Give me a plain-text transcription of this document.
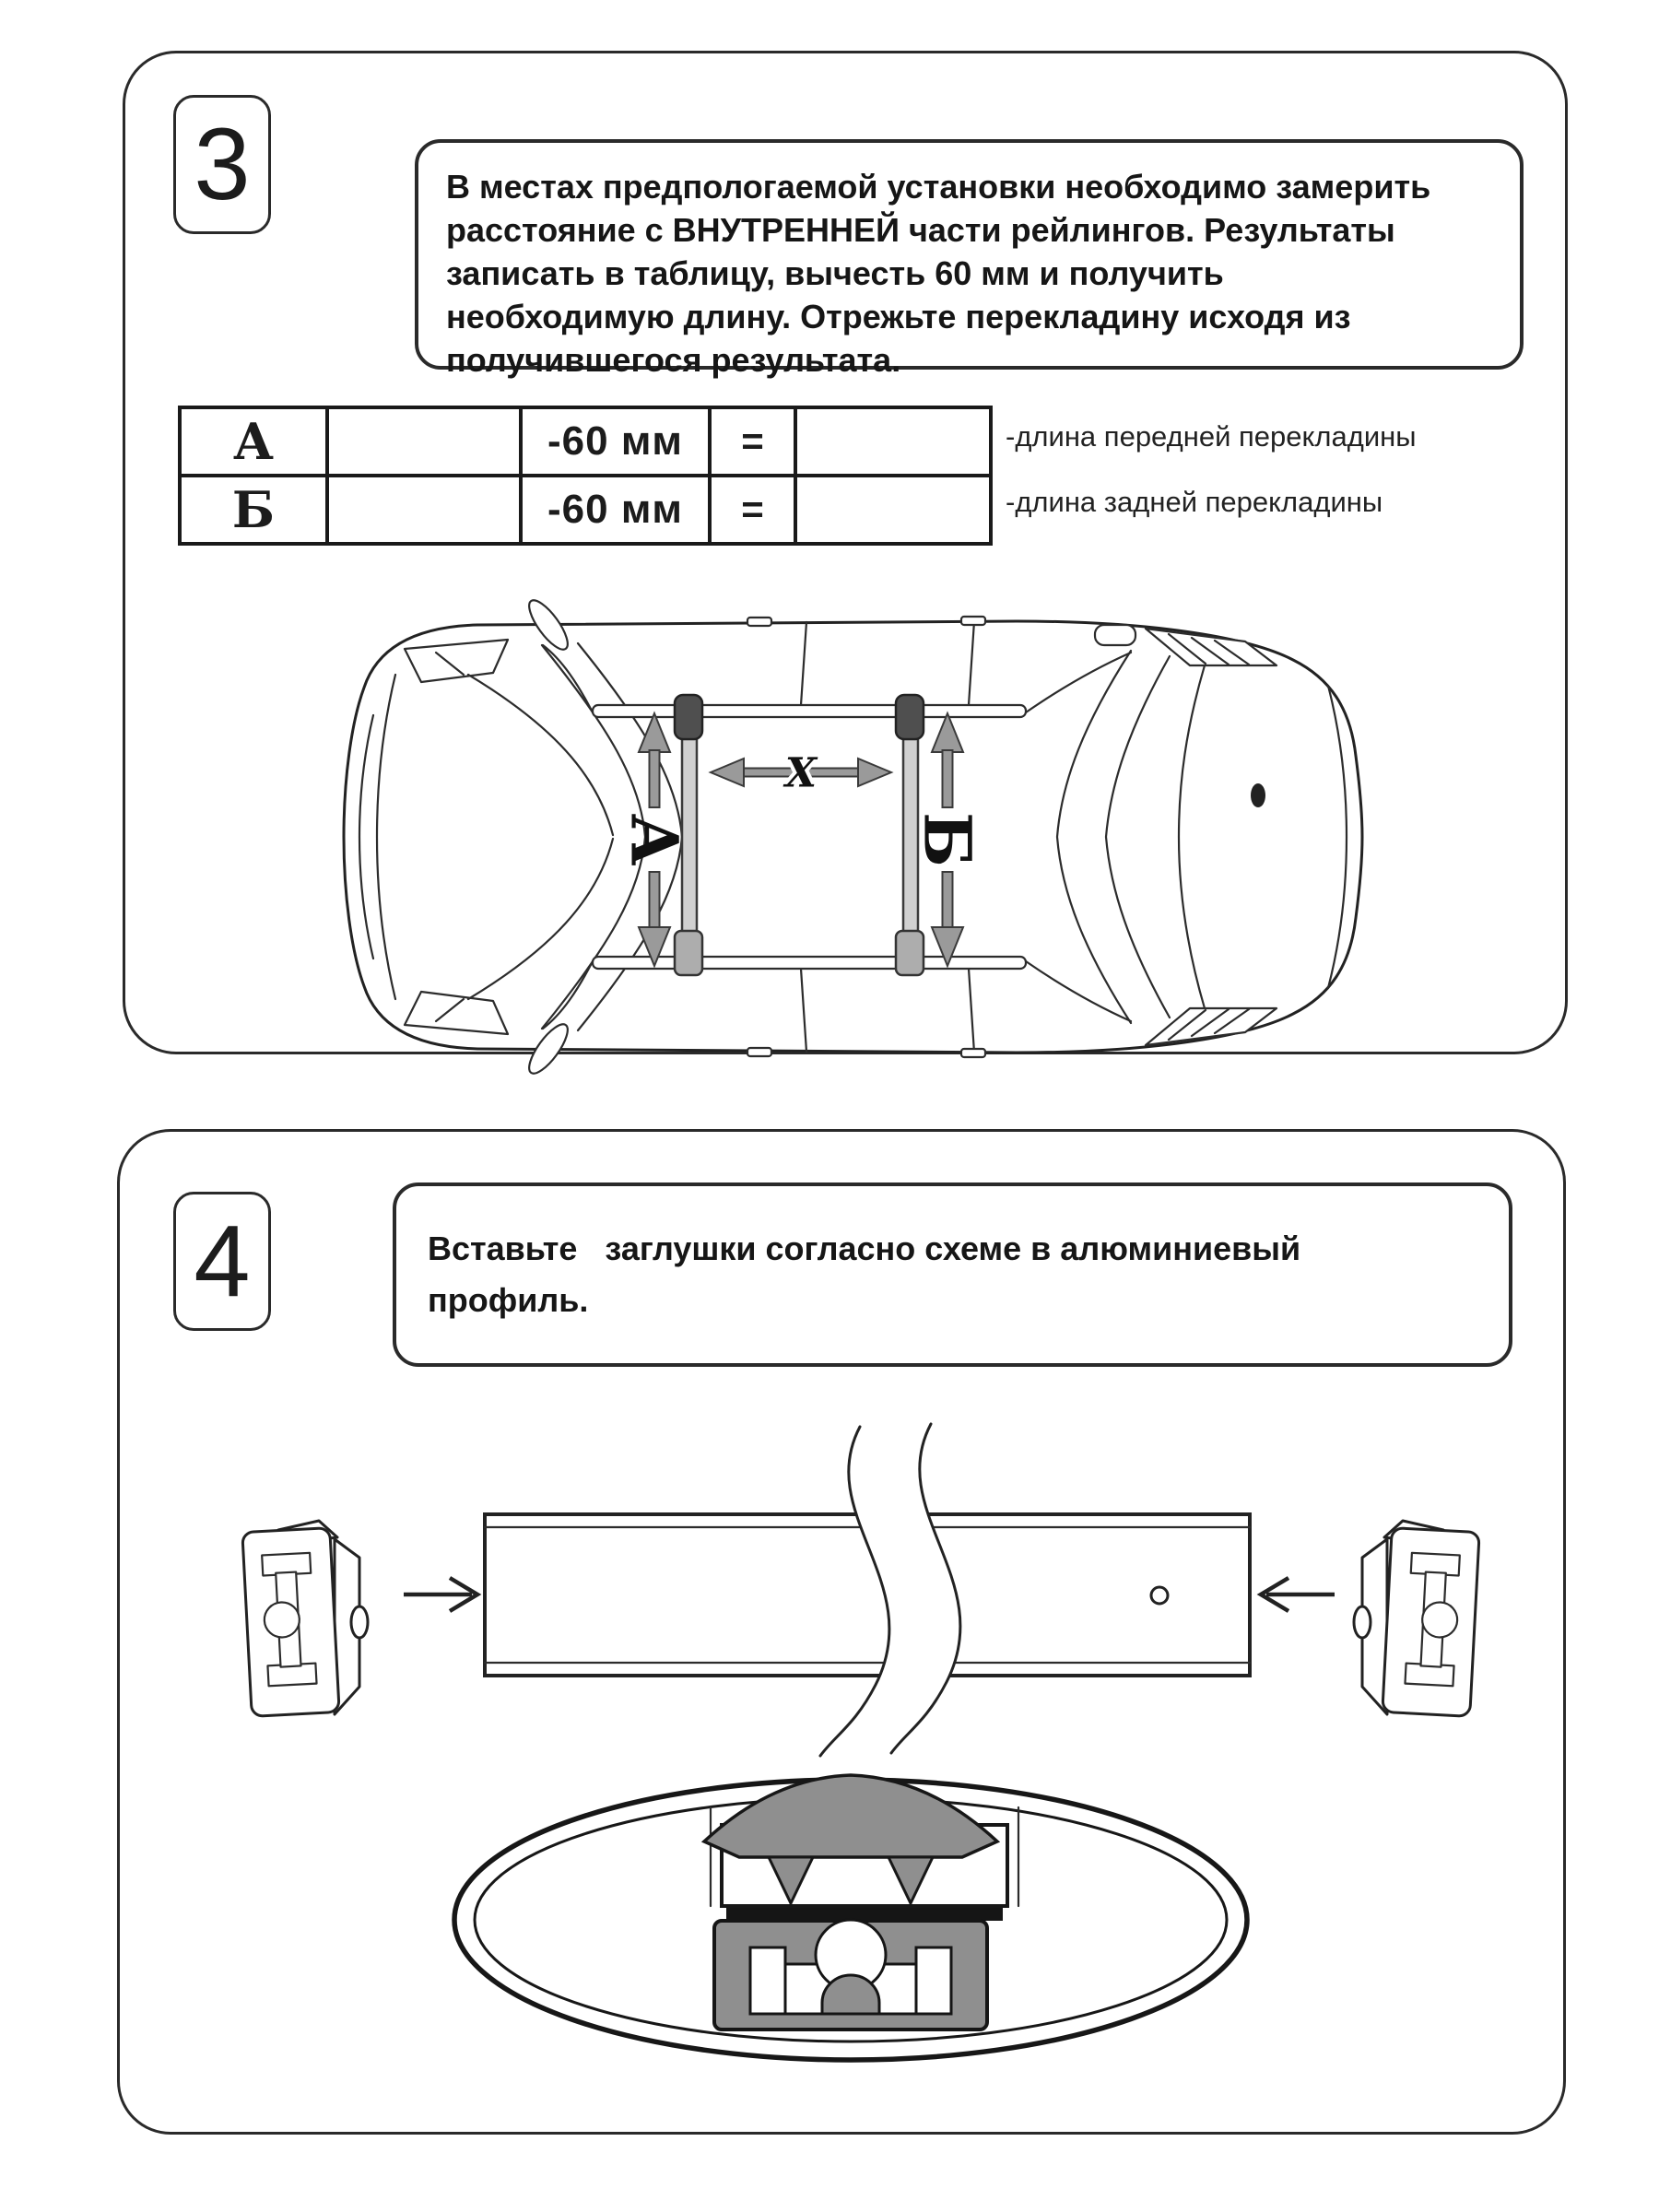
3	В местах предпологаемой установки необходимо замерить
расстояние с ВНУТРЕННЕЙ части рейлингов. Результаты
записать в таблицу, вычесть 60 мм и получить
необходимую длину. Отрежьте перекладину исходя из
получившегося результата.
А		-60 мм	=	
Б		-60 мм	=	
-длина передней перекладины
-длина задней перекладины
А	Б
X
4	Вставьте   заглушки согласно схеме в алюминиевый
профиль.
